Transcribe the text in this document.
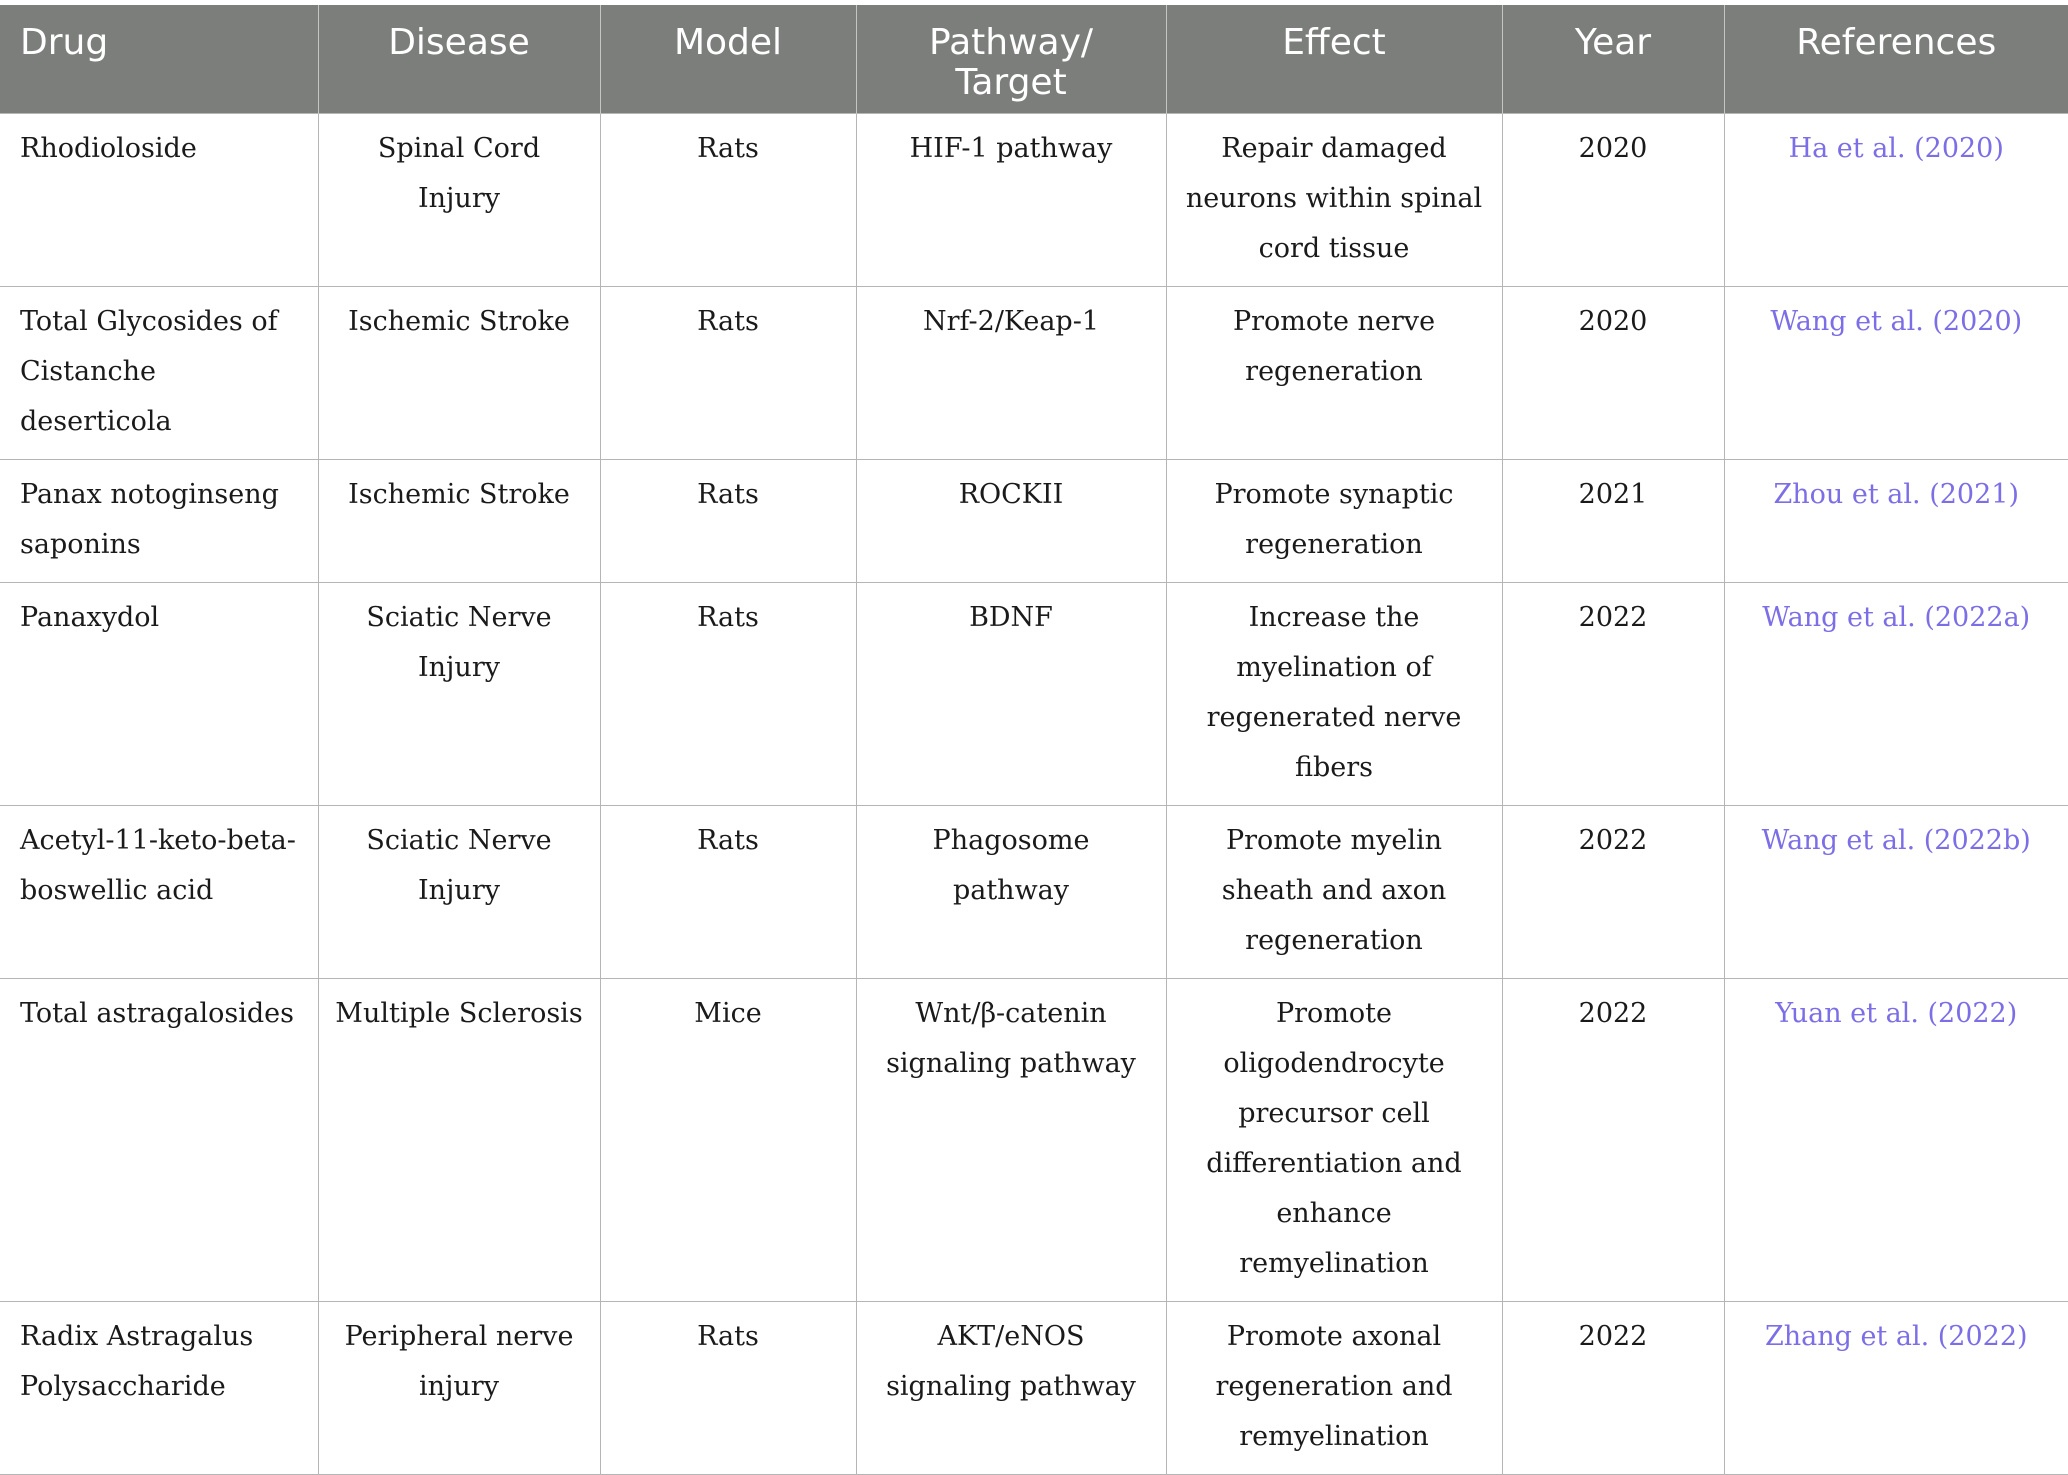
Drug	Disease	Model	Pathway/ Target	Effect	Year	References
Rhodioloside	Spinal Cord Injury	Rats	HIF-1 pathway	Repair damaged neurons within spinal cord tissue	2020	Ha et al. (2020)
Total Glycosides of Cistanche deserticola	Ischemic Stroke	Rats	Nrf-2/Keap-1	Promote nerve regeneration	2020	Wang et al. (2020)
Panax notoginseng saponins	Ischemic Stroke	Rats	ROCKII	Promote synaptic regeneration	2021	Zhou et al. (2021)
Panaxydol	Sciatic Nerve Injury	Rats	BDNF	Increase the myelination of regenerated nerve fibers	2022	Wang et al. (2022a)
Acetyl-11-keto-beta-boswellic acid	Sciatic Nerve Injury	Rats	Phagosome pathway	Promote myelin sheath and axon regeneration	2022	Wang et al. (2022b)
Total astragalosides	Multiple Sclerosis	Mice	Wnt/β-catenin signaling pathway	Promote oligodendrocyte precursor cell differentiation and enhance remyelination	2022	Yuan et al. (2022)
Radix Astragalus Polysaccharide	Peripheral nerve injury	Rats	AKT/eNOS signaling pathway	Promote axonal regeneration and remyelination	2022	Zhang et al. (2022)
